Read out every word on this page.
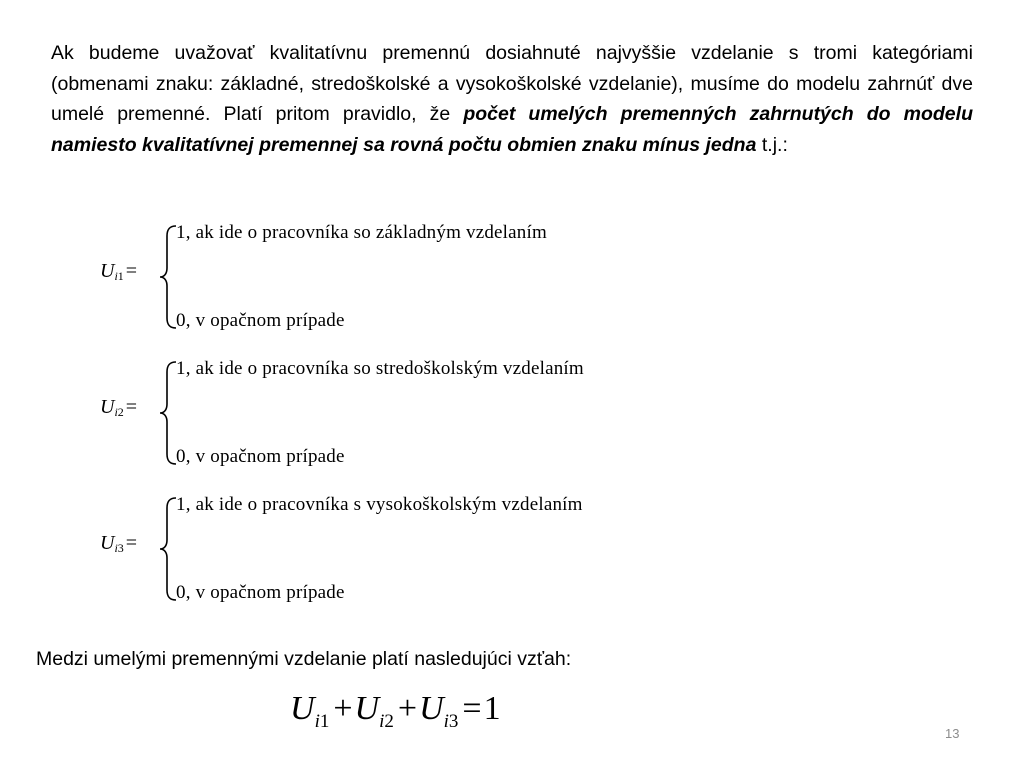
Ak budeme uvažovať kvalitatívnu premennú dosiahnuté najvyššie vzdelanie s tromi kategóriami (obmenami znaku: základné, stredoškolské a vysokoškolské vzdelanie), musíme do modelu zahrnúť dve umelé premenné. Platí pritom pravidlo, že počet umelých premenných zahrnutých do modelu namiesto kvalitatívnej premennej sa rovná počtu obmien znaku mínus jedna t.j.:

$U_{i1}$ =
1, ak ide o pracovníka so základným vzdelaním
0, v opačnom prípade
$U_{i2}$ =
1, ak ide o pracovníka so stredoškolským vzdelaním
0, v opačnom prípade
$U_{i3}$ =
1, ak ide o pracovníka s vysokoškolským vzdelaním
0, v opačnom prípade

Medzi umelými premennými vzdelanie platí nasledujúci vzťah:

$U_{i1} +U_{i2} +U_{i3} =1$
13
